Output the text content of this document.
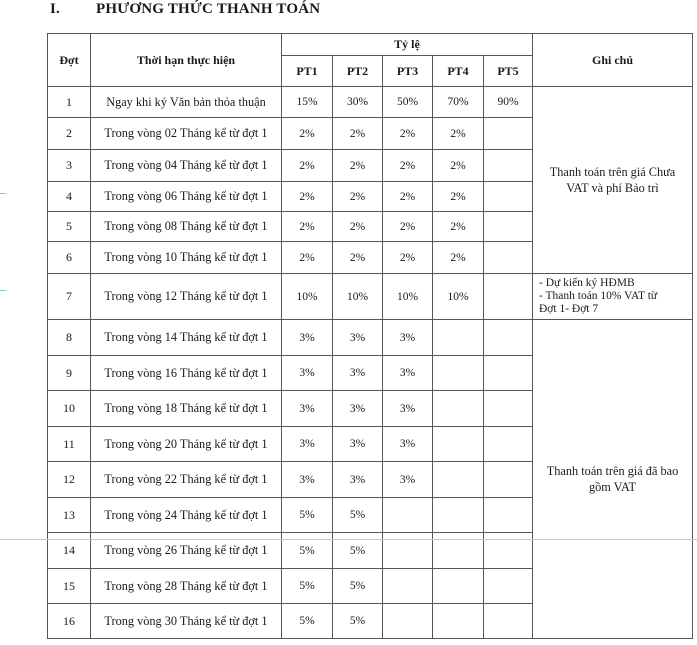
I. PHƯƠNG THỨC THANH TOÁN
Đợt	Thời hạn thực hiện	Tỷ lệ					Ghi chú
		PT1	PT2	PT3	PT4	PT5	
1	Ngay khi ký Văn bản thỏa thuận	15%	30%	50%	70%	90%	Thanh toán trên giá Chưa VAT và phí Bảo trì

2	Trong vòng 02 Tháng kể từ đợt 1	2%	2%	2%	2%		
3	Trong vòng 04 Tháng kể từ đợt 1	2%	2%	2%	2%		
4	Trong vòng 06 Tháng kể từ đợt 1	2%	2%	2%	2%		
5	Trong vòng 08 Tháng kể từ đợt 1	2%	2%	2%	2%		
6	Trong vòng 10 Tháng kể từ đợt 1	2%	2%	2%	2%		
7	Trong vòng 12 Tháng kể từ đợt 1	10%	10%	10%	10%		- Dự kiến ký HĐMB
- Thanh toán 10% VAT từ
Đợt 1- Đợt 7

8	Trong vòng 14 Tháng kể từ đợt 1	3%	3%	3%			Thanh toán trên giá đã bao gồm VAT

9	Trong vòng 16 Tháng kể từ đợt 1	3%	3%	3%			
10	Trong vòng 18 Tháng kể từ đợt 1	3%	3%	3%			
11	Trong vòng 20 Tháng kể từ đợt 1	3%	3%	3%			
12	Trong vòng 22 Tháng kể từ đợt 1	3%	3%	3%			
13	Trong vòng 24 Tháng kể từ đợt 1	5%	5%				
14	Trong vòng 26 Tháng kể từ đợt 1	5%	5%				
15	Trong vòng 28 Tháng kể từ đợt 1	5%	5%				
16	Trong vòng 30 Tháng kể từ đợt 1	5%	5%				
